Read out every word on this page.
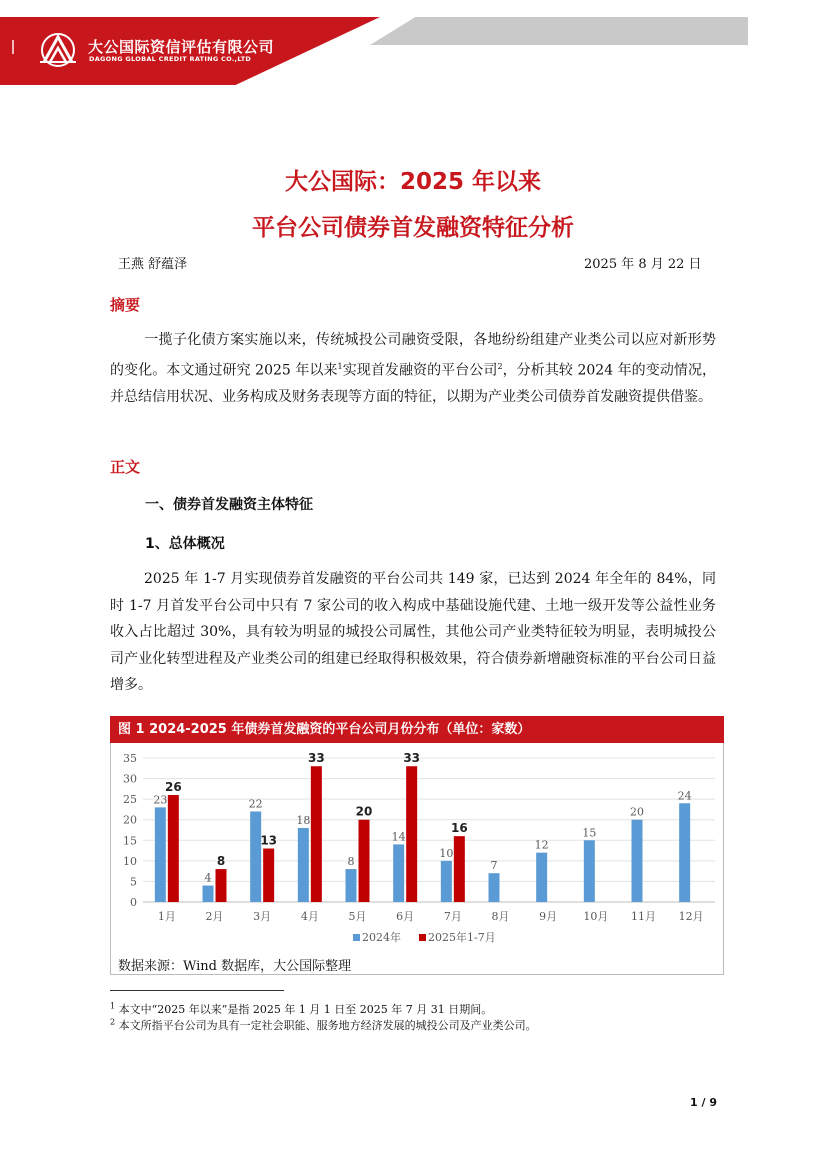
大公国际资信评估有限公司
DAGONG GLOBAL CREDIT RATING CO.,LTD
大公国际：2025 年以来
平台公司债券首发融资特征分析
王燕 舒蕴泽	2025 年 8 月 22 日
摘要
一揽子化债方案实施以来，传统城投公司融资受限，各地纷纷组建产业类公司以应对新形势的变化。本文通过研究 2025 年以来$^1$实现首发融资的平台公司$^2$，分析其较 2024 年的变动情况，并总结信用状况、业务构成及财务表现等方面的特征，以期为产业类公司债券首发融资提供借鉴。
正文
一、债券首发融资主体特征
1、总体概况
2025 年 1-7 月实现债券首发融资的平台公司共 149 家，已达到 2024 年全年的 84%，同时 1-7 月首发平台公司中只有 7 家公司的收入构成中基础设施代建、土地一级开发等公益性业务收入占比超过 30%，具有较为明显的城投公司属性，其他公司产业类特征较为明显，表明城投公司产业化转型进程及产业类公司的组建已经取得积极效果，符合债券新增融资标准的平台公司日益增多。
图 1 2024-2025 年债券首发融资的平台公司月份分布（单位：家数）
0
5
10
15
20
25
30
35
1月
23
26
2月
4
8
3月
22
13
4月
18
33
5月
8
20
6月
14
33
7月
10
16
8月
7
9月
12
10月
15
11月
20
12月
24
2024年 2025年1-7月
数据来源：Wind 数据库，大公国际整理
$^1$ 本文中“2025 年以来”是指 2025 年 1 月 1 日至 2025 年 7 月 31 日期间。
$^2$ 本文所指平台公司为具有一定社会职能、服务地方经济发展的城投公司及产业类公司。
1 / 9
